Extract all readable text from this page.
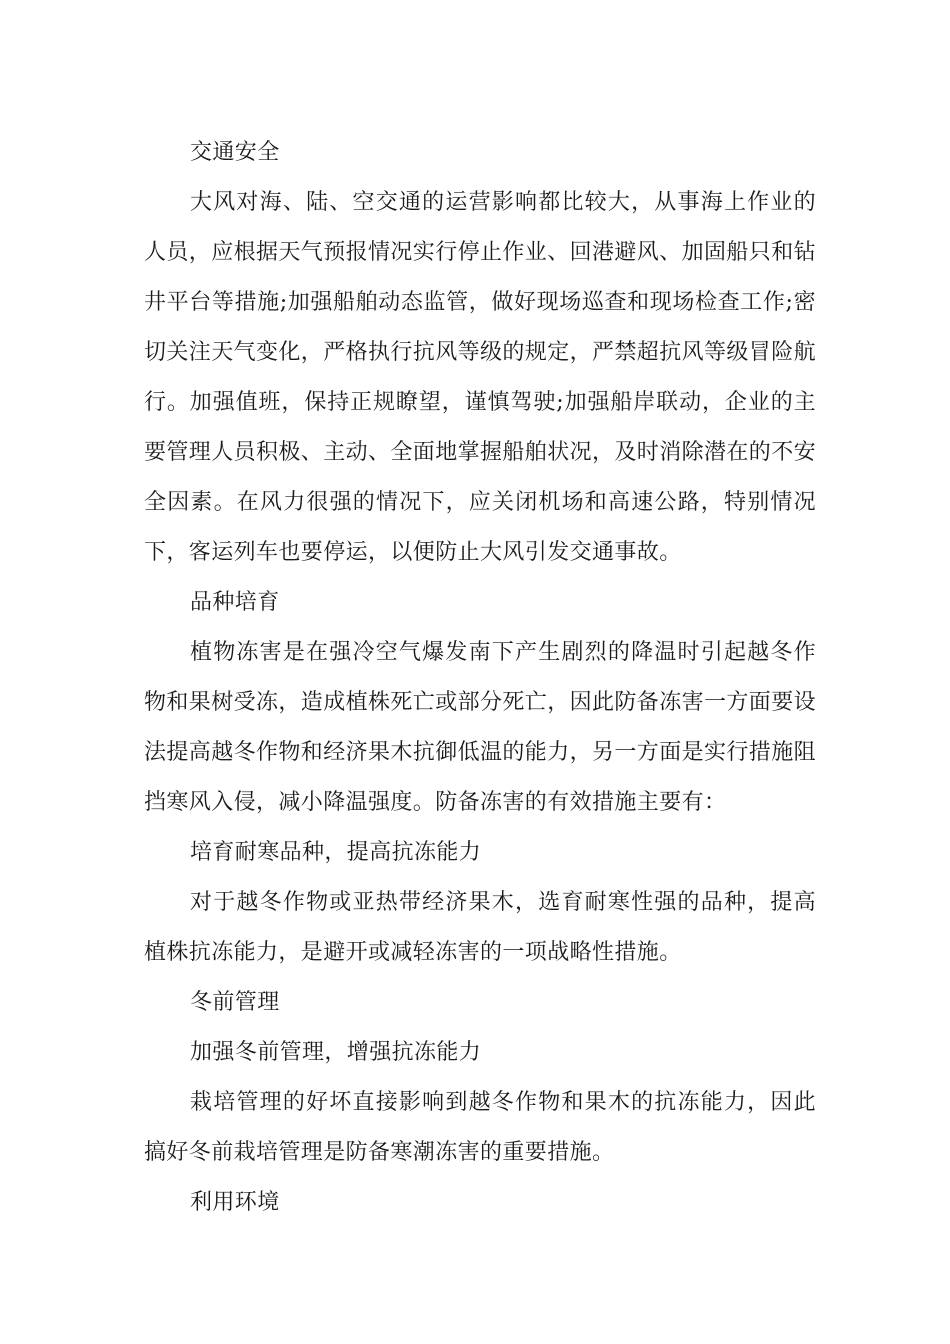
交通安全

大风对海、陆、空交通的运营影响都比较大，从事海上作业的人员，应根据天气预报情况实行停止作业、回港避风、加固船只和钻井平台等措施;加强船舶动态监管，做好现场巡查和现场检查工作;密切关注天气变化，严格执行抗风等级的规定，严禁超抗风等级冒险航行。加强值班，保持正规瞭望，谨慎驾驶;加强船岸联动，企业的主要管理人员积极、主动、全面地掌握船舶状况，及时消除潜在的不安全因素。在风力很强的情况下，应关闭机场和高速公路，特别情况下，客运列车也要停运，以便防止大风引发交通事故。

品种培育

植物冻害是在强冷空气爆发南下产生剧烈的降温时引起越冬作物和果树受冻，造成植株死亡或部分死亡，因此防备冻害一方面要设法提高越冬作物和经济果木抗御低温的能力，另一方面是实行措施阻挡寒风入侵，减小降温强度。防备冻害的有效措施主要有：

培育耐寒品种，提高抗冻能力

对于越冬作物或亚热带经济果木，选育耐寒性强的品种，提高植株抗冻能力，是避开或减轻冻害的一项战略性措施。

冬前管理

加强冬前管理，增强抗冻能力

栽培管理的好坏直接影响到越冬作物和果木的抗冻能力，因此搞好冬前栽培管理是防备寒潮冻害的重要措施。

利用环境
